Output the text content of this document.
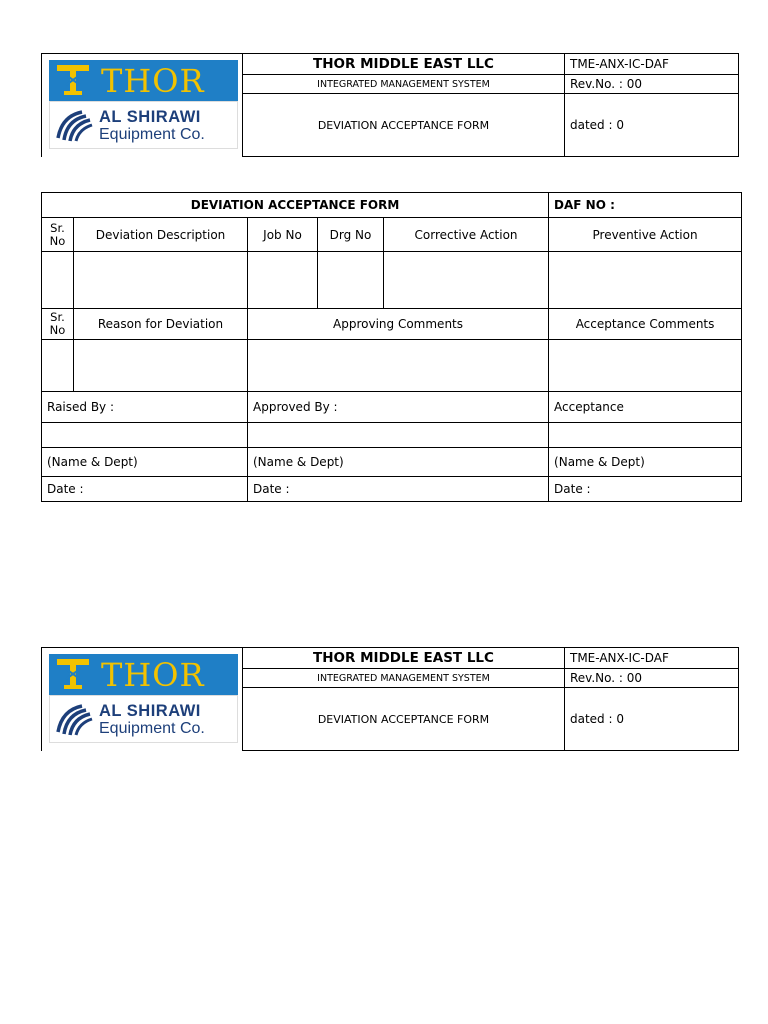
THOR
AL SHIRAWI
Equipment Co.
THOR MIDDLE EAST LLC	TME-ANX-IC-DAF
INTEGRATED MANAGEMENT SYSTEM	Rev.No. : 00
DEVIATION ACCEPTANCE FORM	dated : 0
DEVIATION ACCEPTANCE FORM					DAF NO :
Sr. No	Deviation Description	Job No	Drg No	Corrective Action	Preventive Action

Sr. No	Reason for Deviation	Approving Comments			Acceptance Comments

Raised By :		Approved By :			Acceptance

(Name & Dept)		(Name & Dept)			(Name & Dept)
Date :		Date :			Date :
THOR
AL SHIRAWI
Equipment Co.
THOR MIDDLE EAST LLC	TME-ANX-IC-DAF
INTEGRATED MANAGEMENT SYSTEM	Rev.No. : 00
DEVIATION ACCEPTANCE FORM	dated : 0
